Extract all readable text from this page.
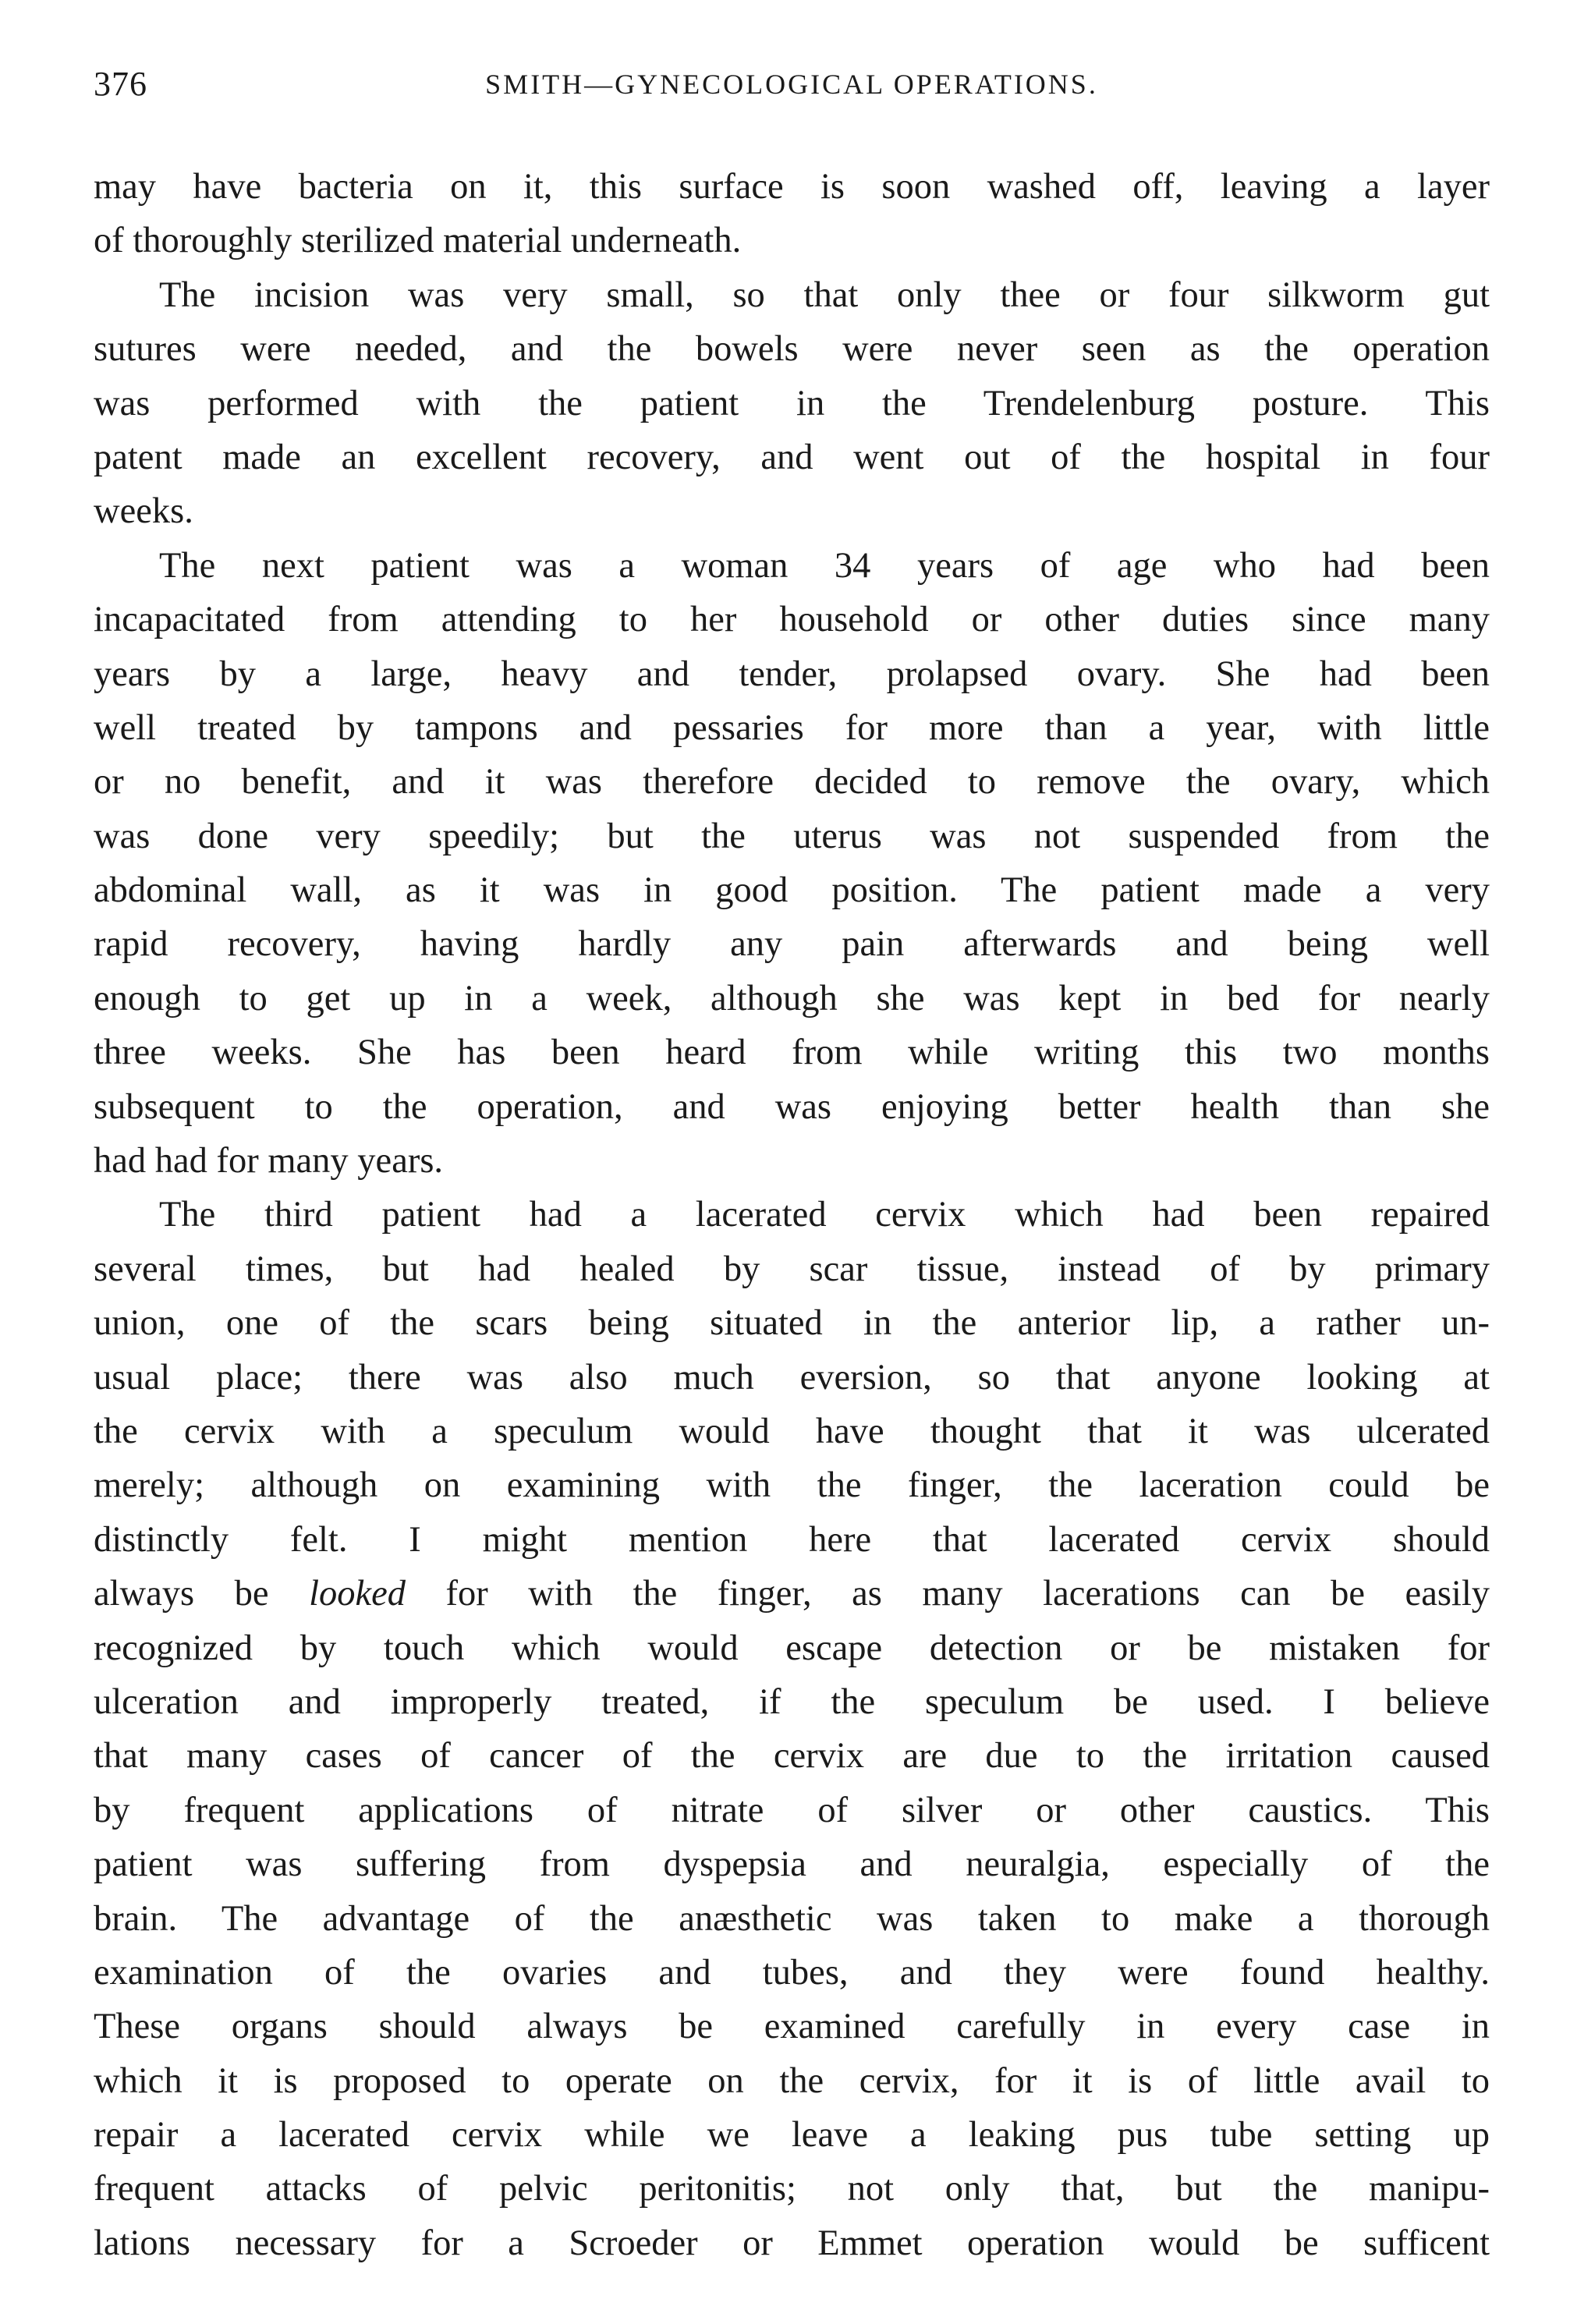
376	SMITH—GYNECOLOGICAL OPERATIONS.
may have bacteria on it, this surface is soon washed off, leaving a layer
of thoroughly sterilized material underneath.
The incision was very small, so that only thee or four silkworm gut
sutures were needed, and the bowels were never seen as the operation
was performed with the patient in the Trendelenburg posture. This
patent made an excellent recovery, and went out of the hospital in four
weeks.
The next patient was a woman 34 years of age who had been
incapacitated from attending to her household or other duties since many
years by a large, heavy and tender, prolapsed ovary. She had been
well treated by tampons and pessaries for more than a year, with little
or no benefit, and it was therefore decided to remove the ovary, which
was done very speedily; but the uterus was not suspended from the
abdominal wall, as it was in good position. The patient made a very
rapid recovery, having hardly any pain afterwards and being well
enough to get up in a week, although she was kept in bed for nearly
three weeks. She has been heard from while writing this two months
subsequent to the operation, and was enjoying better health than she
had had for many years.
The third patient had a lacerated cervix which had been repaired
several times, but had healed by scar tissue, instead of by primary
union, one of the scars being situated in the anterior lip, a rather un-
usual place; there was also much eversion, so that anyone looking at
the cervix with a speculum would have thought that it was ulcerated
merely; although on examining with the finger, the laceration could be
distinctly felt. I might mention here that lacerated cervix should
always be looked for with the finger, as many lacerations can be easily
recognized by touch which would escape detection or be mistaken for
ulceration and improperly treated, if the speculum be used. I believe
that many cases of cancer of the cervix are due to the irritation caused
by frequent applications of nitrate of silver or other caustics. This
patient was suffering from dyspepsia and neuralgia, especially of the
brain. The advantage of the anæsthetic was taken to make a thorough
examination of the ovaries and tubes, and they were found healthy.
These organs should always be examined carefully in every case in
which it is proposed to operate on the cervix, for it is of little avail to
repair a lacerated cervix while we leave a leaking pus tube setting up
frequent attacks of pelvic peritonitis; not only that, but the manipu-
lations necessary for a Scroeder or Emmet operation would be sufficent
